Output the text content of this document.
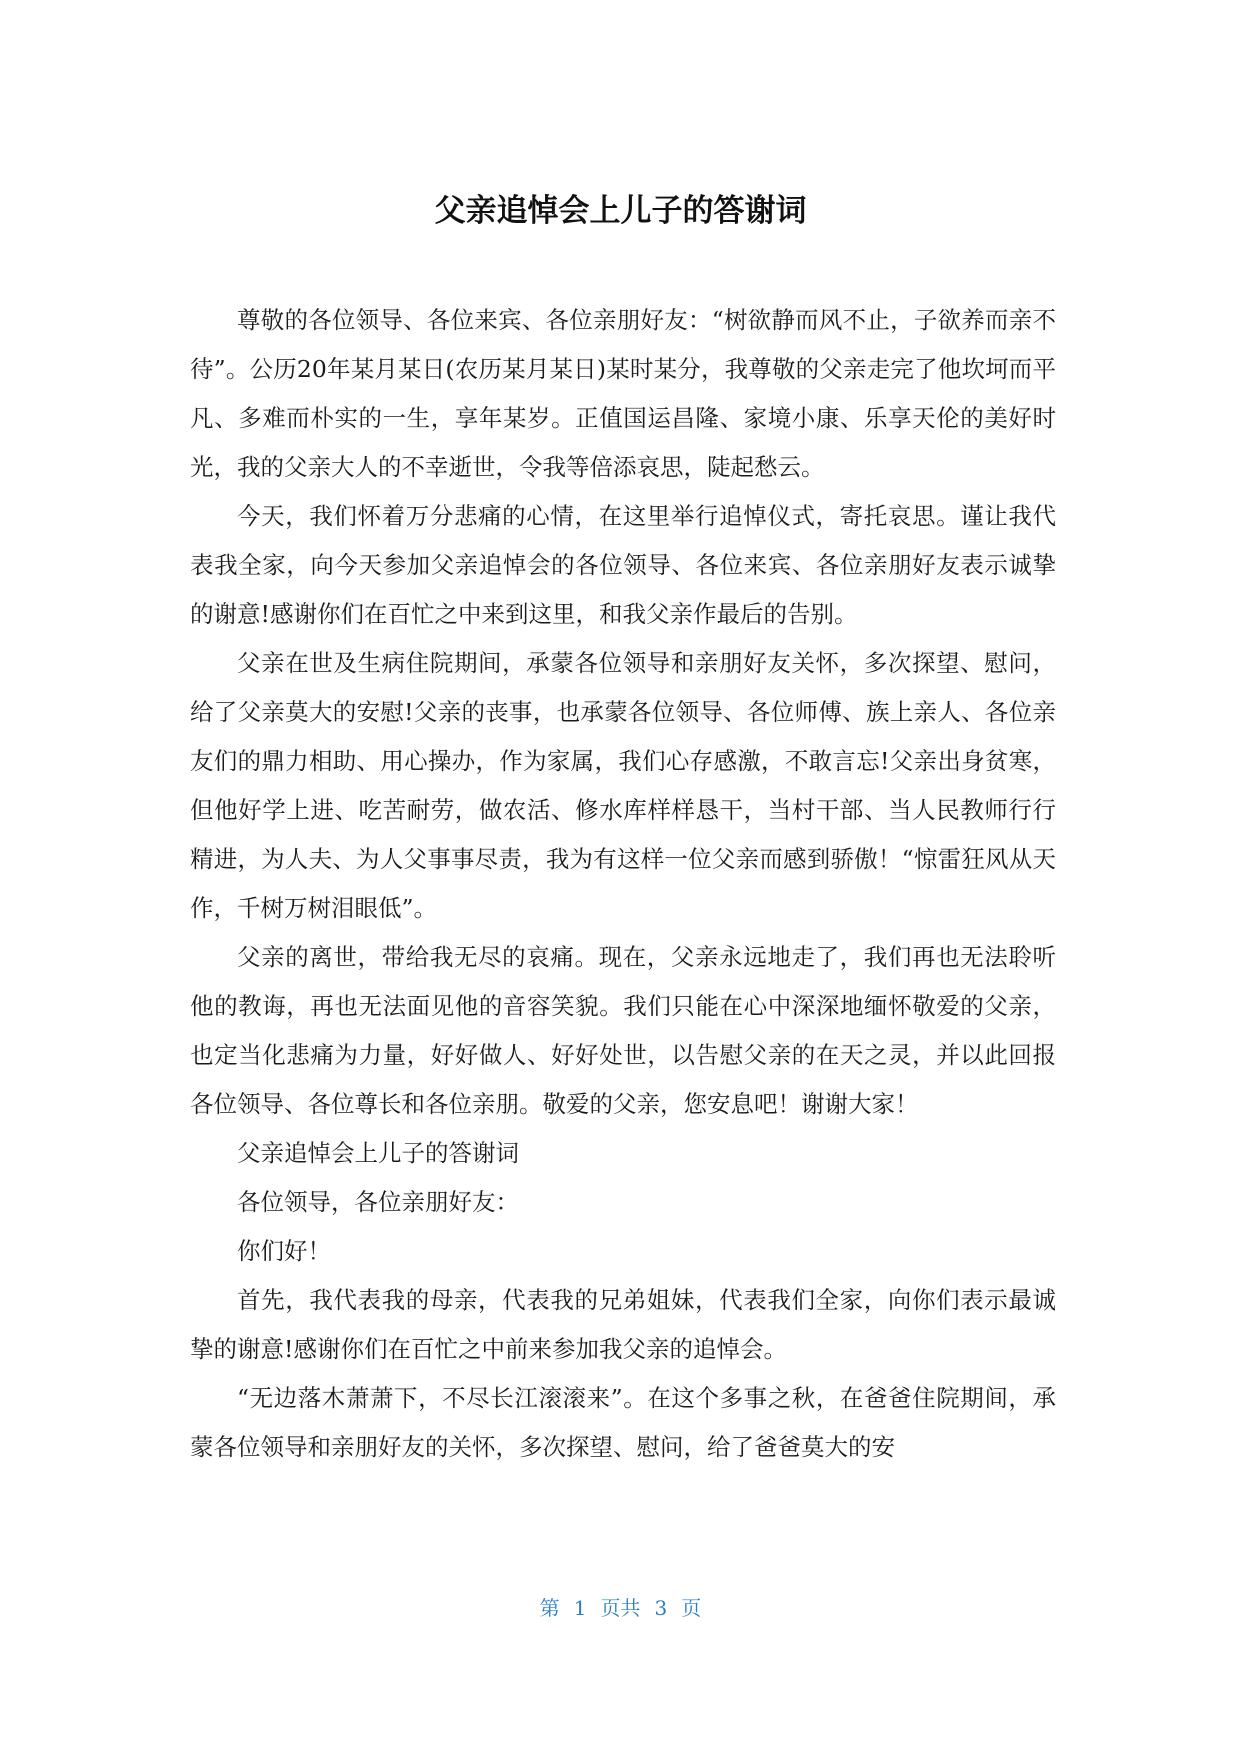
父亲追悼会上儿子的答谢词

尊敬的各位领导、各位来宾、各位亲朋好友：“树欲静而风不止，子欲养而亲不待”。公历20年某月某日(农历某月某日)某时某分，我尊敬的父亲走完了他坎坷而平凡、多难而朴实的一生，享年某岁。正值国运昌隆、家境小康、乐享天伦的美好时光，我的父亲大人的不幸逝世，令我等倍添哀思，陡起愁云。

今天，我们怀着万分悲痛的心情，在这里举行追悼仪式，寄托哀思。谨让我代表我全家，向今天参加父亲追悼会的各位领导、各位来宾、各位亲朋好友表示诚挚的谢意!感谢你们在百忙之中来到这里，和我父亲作最后的告别。

父亲在世及生病住院期间，承蒙各位领导和亲朋好友关怀，多次探望、慰问，给了父亲莫大的安慰!父亲的丧事，也承蒙各位领导、各位师傅、族上亲人、各位亲友们的鼎力相助、用心操办，作为家属，我们心存感激，不敢言忘!父亲出身贫寒，但他好学上进、吃苦耐劳，做农活、修水库样样恳干，当村干部、当人民教师行行精进，为人夫、为人父事事尽责，我为有这样一位父亲而感到骄傲！“惊雷狂风从天作，千树万树泪眼低”。

父亲的离世，带给我无尽的哀痛。现在，父亲永远地走了，我们再也无法聆听他的教诲，再也无法面见他的音容笑貌。我们只能在心中深深地缅怀敬爱的父亲，也定当化悲痛为力量，好好做人、好好处世，以告慰父亲的在天之灵，并以此回报各位领导、各位尊长和各位亲朋。敬爱的父亲，您安息吧！谢谢大家！

父亲追悼会上儿子的答谢词

各位领导，各位亲朋好友：

你们好！

首先，我代表我的母亲，代表我的兄弟姐妹，代表我们全家，向你们表示最诚挚的谢意!感谢你们在百忙之中前来参加我父亲的追悼会。

“无边落木萧萧下，不尽长江滚滚来”。在这个多事之秋，在爸爸住院期间，承蒙各位领导和亲朋好友的关怀，多次探望、慰问，给了爸爸莫大的安

第 1 页共 3 页
